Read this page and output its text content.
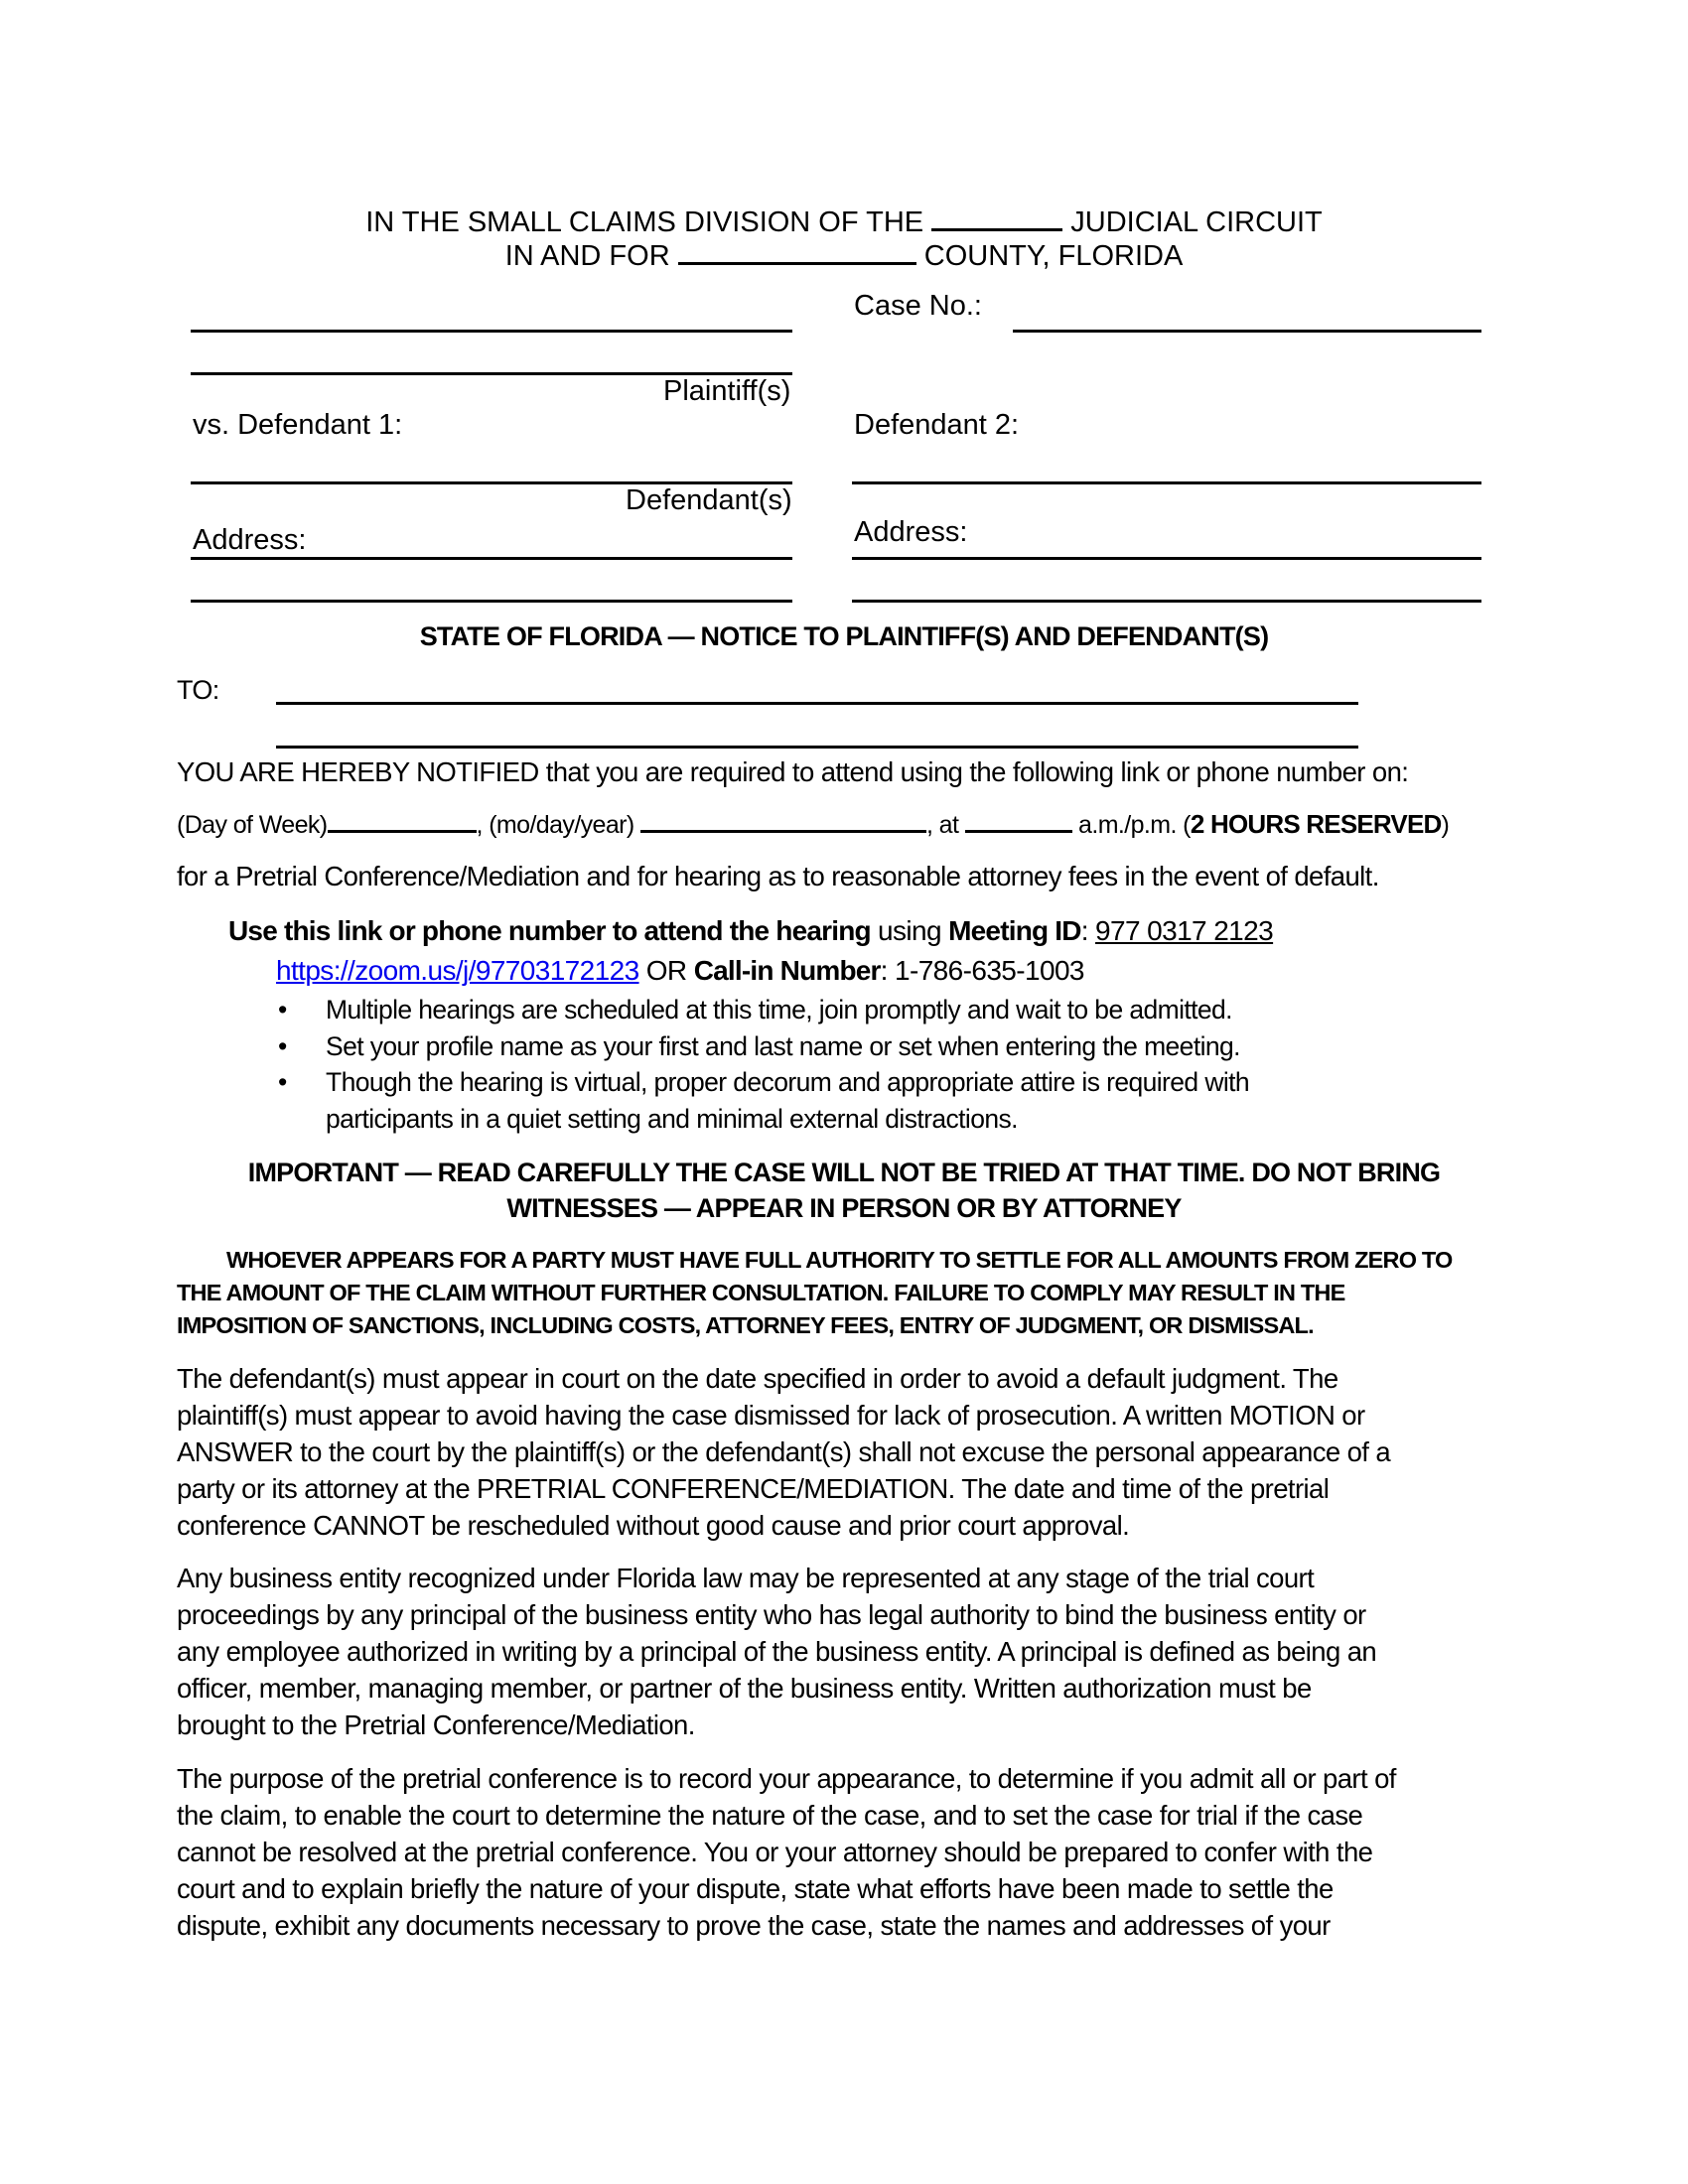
IN THE SMALL CLAIMS DIVISION OF THE	JUDICIAL CIRCUIT
IN AND FOR	COUNTY, FLORIDA
Case No.:
Plaintiff(s)
vs. Defendant 1:	Defendant 2:
Defendant(s)
Address:	Address:
STATE OF FLORIDA — NOTICE TO PLAINTIFF(S) AND DEFENDANT(S)
TO:
YOU ARE HEREBY NOTIFIED that you are required to attend using the following link or phone number on:
(Day of Week)	, (mo/day/year)	, at	a.m./p.m. (2 HOURS RESERVED)
for a Pretrial Conference/Mediation and for hearing as to reasonable attorney fees in the event of default.
Use this link or phone number to attend the hearing using Meeting ID: 977 0317 2123
https://zoom.us/j/97703172123 OR Call-in Number: 1-786-635-1003
• Multiple hearings are scheduled at this time, join promptly and wait to be admitted.
• Set your profile name as your first and last name or set when entering the meeting.
• Though the hearing is virtual, proper decorum and appropriate attire is required with
participants in a quiet setting and minimal external distractions.
IMPORTANT — READ CAREFULLY THE CASE WILL NOT BE TRIED AT THAT TIME. DO NOT BRING
WITNESSES — APPEAR IN PERSON OR BY ATTORNEY
WHOEVER APPEARS FOR A PARTY MUST HAVE FULL AUTHORITY TO SETTLE FOR ALL AMOUNTS FROM ZERO TO
THE AMOUNT OF THE CLAIM WITHOUT FURTHER CONSULTATION. FAILURE TO COMPLY MAY RESULT IN THE
IMPOSITION OF SANCTIONS, INCLUDING COSTS, ATTORNEY FEES, ENTRY OF JUDGMENT, OR DISMISSAL.
The defendant(s) must appear in court on the date specified in order to avoid a default judgment. The
plaintiff(s) must appear to avoid having the case dismissed for lack of prosecution. A written MOTION or
ANSWER to the court by the plaintiff(s) or the defendant(s) shall not excuse the personal appearance of a
party or its attorney at the PRETRIAL CONFERENCE/MEDIATION. The date and time of the pretrial
conference CANNOT be rescheduled without good cause and prior court approval.
Any business entity recognized under Florida law may be represented at any stage of the trial court
proceedings by any principal of the business entity who has legal authority to bind the business entity or
any employee authorized in writing by a principal of the business entity. A principal is defined as being an
officer, member, managing member, or partner of the business entity. Written authorization must be
brought to the Pretrial Conference/Mediation.
The purpose of the pretrial conference is to record your appearance, to determine if you admit all or part of
the claim, to enable the court to determine the nature of the case, and to set the case for trial if the case
cannot be resolved at the pretrial conference. You or your attorney should be prepared to confer with the
court and to explain briefly the nature of your dispute, state what efforts have been made to settle the
dispute, exhibit any documents necessary to prove the case, state the names and addresses of your
